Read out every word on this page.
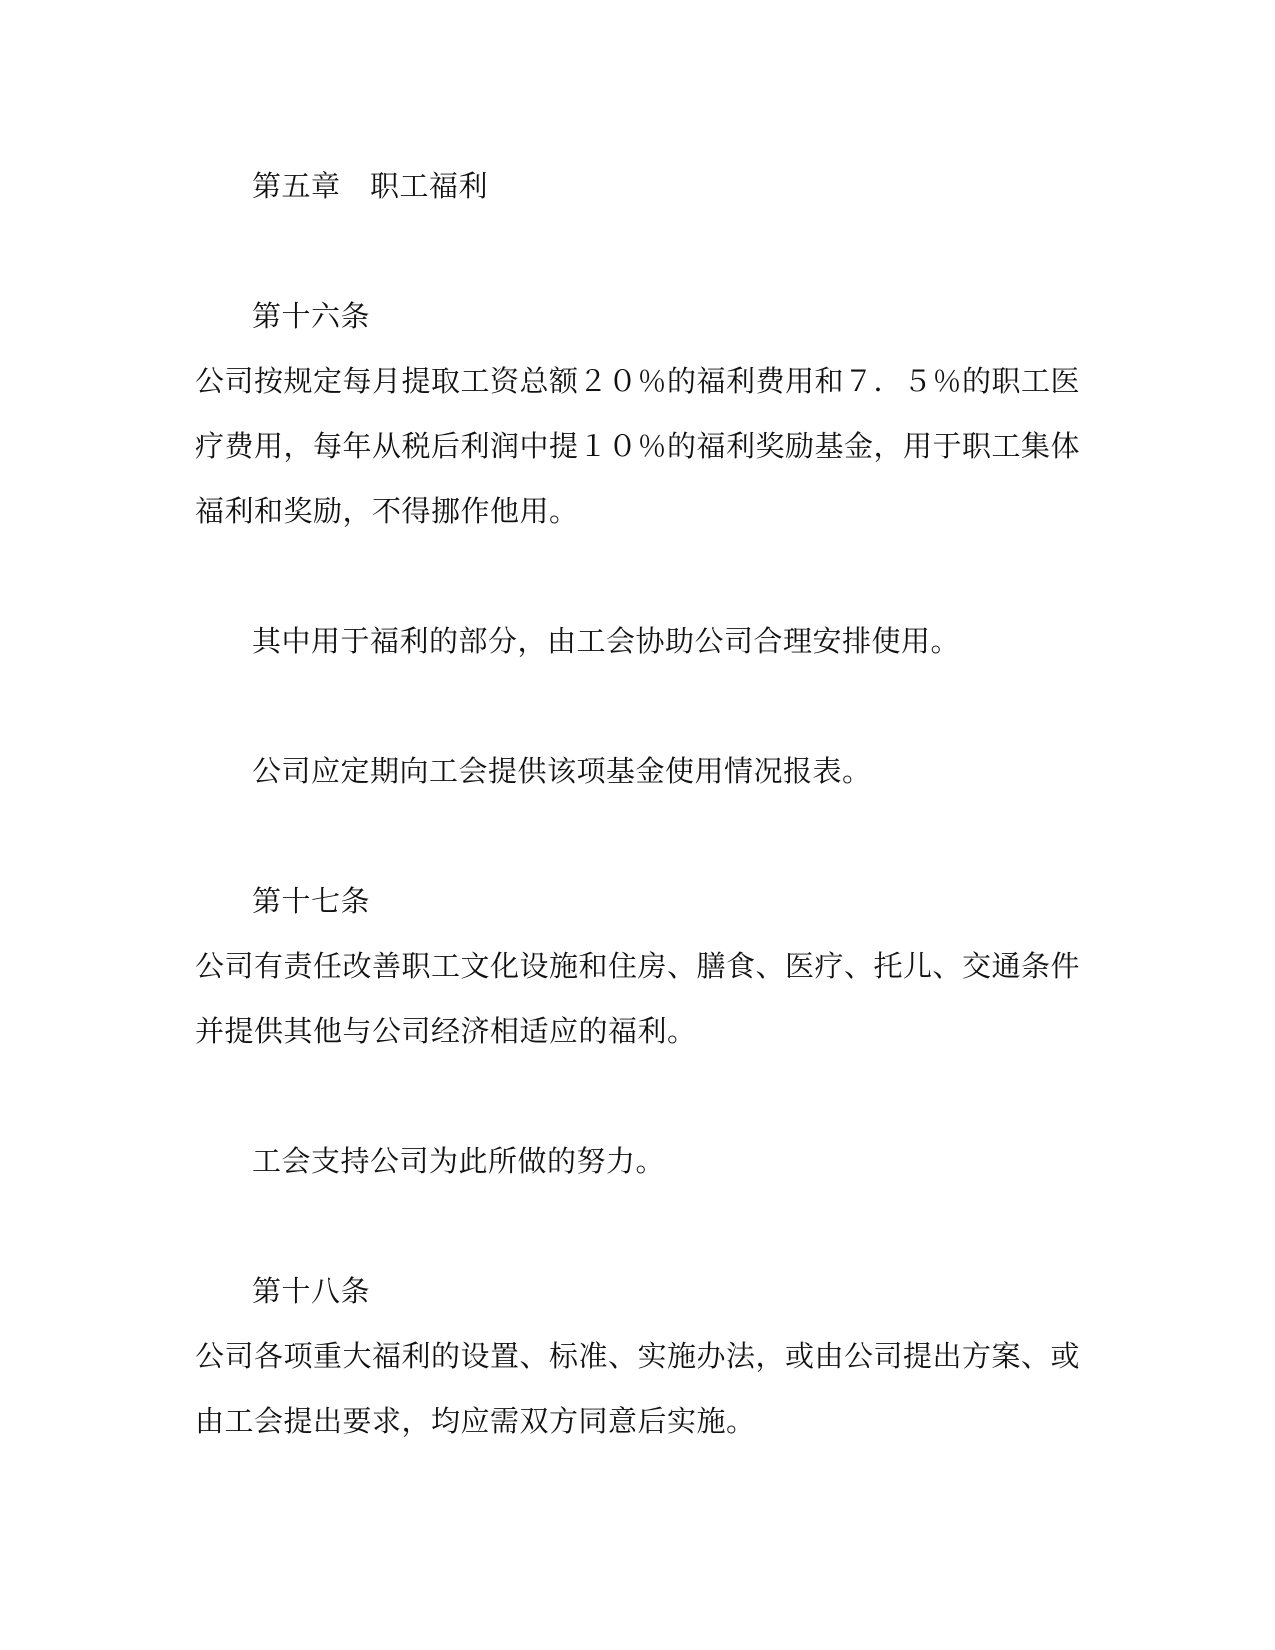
第五章　职工福利

第十六条

公司按规定每月提取工资总额２０％的福利费用和７．５％的职工医

疗费用，每年从税后利润中提１０％的福利奖励基金，用于职工集体

福利和奖励，不得挪作他用。

其中用于福利的部分，由工会协助公司合理安排使用。

公司应定期向工会提供该项基金使用情况报表。

第十七条

公司有责任改善职工文化设施和住房、膳食、医疗、托儿、交通条件

并提供其他与公司经济相适应的福利。

工会支持公司为此所做的努力。

第十八条

公司各项重大福利的设置、标准、实施办法，或由公司提出方案、或

由工会提出要求，均应需双方同意后实施。
